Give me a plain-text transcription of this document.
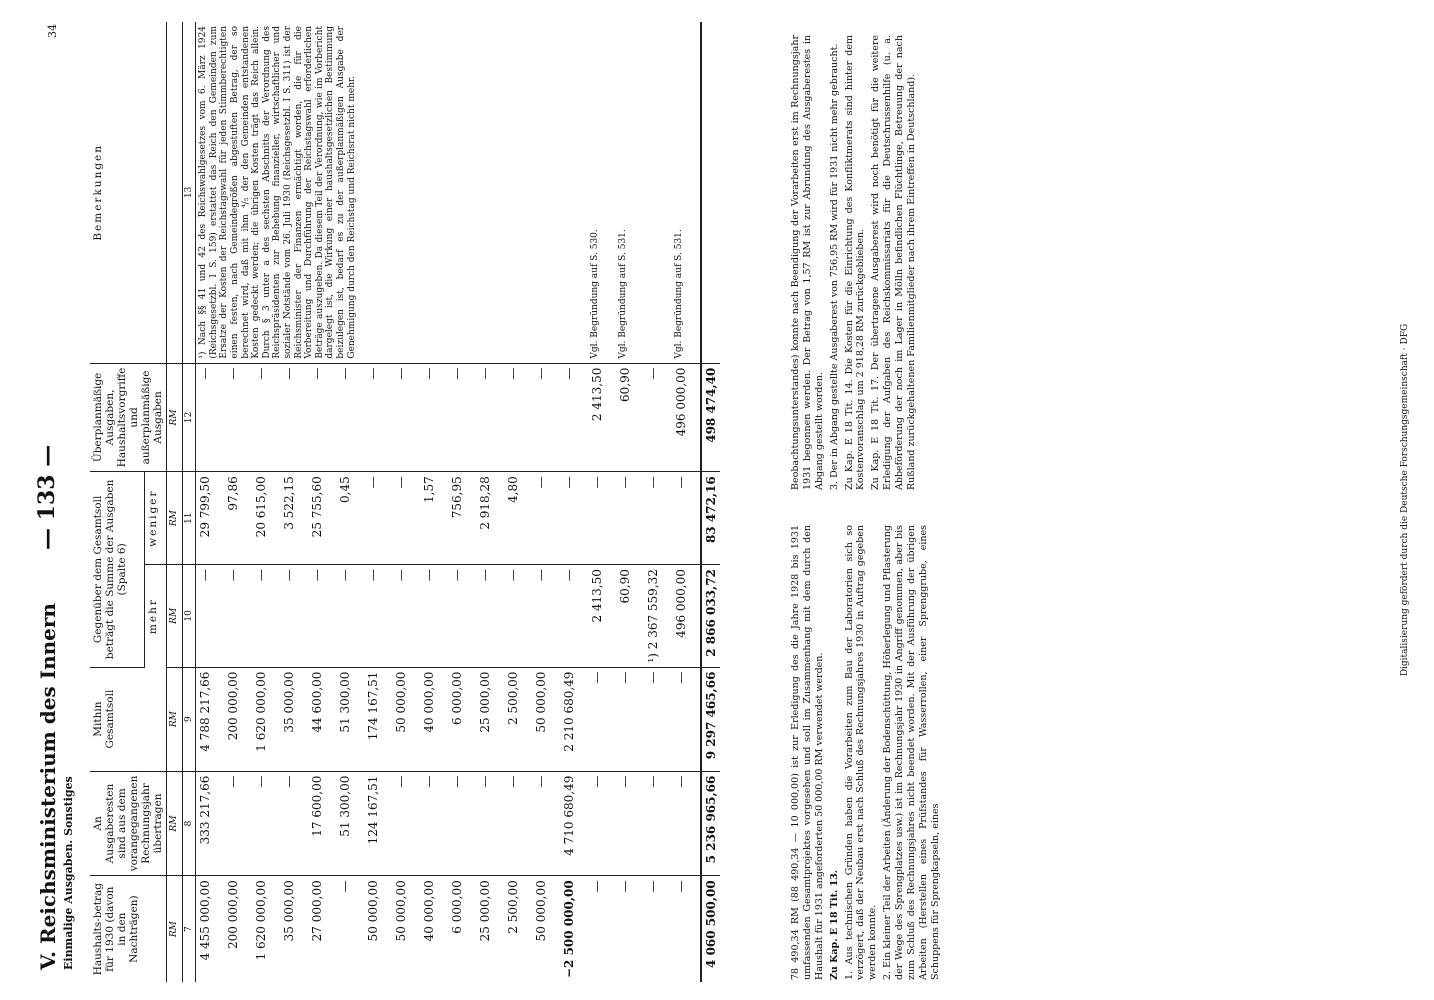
V. Reichsministerium des Innern Einmalige Ausgaben. Sonstiges
— 133 —
34
Haushalts-betrag für 1930 (davon in den Nachträgen)	An Ausgaberesten sind aus dem vorangegangenen Rechnungsjahr übertragen	Mithin Gesamtsoll	Gegenüber dem Gesamtsoll beträgt die Summe der Ausgaben (Spalte 6)		Überplanmäßige Ausgaben, Haushaltsvorgriffe und außerplanmäßige Ausgaben	Bemerkungen
			mehr	weniger		
RM	RM	RM	RM	RM	RM	
7	8	9	10	11	12	13
4 455 000,00	333 217,66	4 788 217,66	—	29 799,50	—	¹) Nach §§ 41 und 42 des Reichswahlgesetzes vom 6. März 1924 (Reichsgesetzbl. I S. 159) erstattet das Reich den Gemeinden zum Ersatze der Kosten der Reichstagswahl für jeden Stimmberechtigten einen festen, nach Gemeindegrößen abgestuften Betrag, der so berechnet wird, daß mit ihm ⁴/₅ der den Gemeinden entstandenen Kosten gedeckt werden; die übrigen Kosten trägt das Reich allein. Durch § 3 unter a des sechsten Abschnitts der Verordnung des Reichspräsidenten zur Behebung finanzieller, wirtschaftlicher und sozialer Notstände vom 26. Juli 1930 (Reichsgesetzbl. I S. 311) ist der Reichsminister der Finanzen ermächtigt worden, die für die Vorbereitung und Durchführung der Reichstagswahl erforderlichen Beträge auszugeben. Da diesem Teil der Verordnung, wie im Vorbericht dargelegt ist, die Wirkung einer haushaltsgesetzlichen Bestimmung beizulegen ist, bedarf es zu der außerplanmäßigen Ausgabe der Genehmigung durch den Reichstag und Reichsrat nicht mehr.
200 000,00	—	200 000,00	—	97,86	—	
1 620 000,00	—	1 620 000,00	—	20 615,00	—	
35 000,00	—	35 000,00	—	3 522,15	—	
27 000,00	17 600,00	44 600,00	—	25 755,60	—	
—	51 300,00	51 300,00	—	0,45	—	
50 000,00	124 167,51	174 167,51	—	—	—	
50 000,00	—	50 000,00	—	—	—	
40 000,00	—	40 000,00	—	1,57	—	
6 000,00	—	6 000,00	—	756,95	—	
25 000,00	—	25 000,00	—	2 918,28	—	
2 500,00	—	2 500,00	—	4,80	—	
50 000,00	—	50 000,00	—	—	—	
−2 500 000,00	4 710 680,49	2 210 680,49	—	—	—	
—	—	—	2 413,50	—	2 413,50	Vgl. Begründung auf S. 530.
—	—	—	60,90	—	60,90	Vgl. Begründung auf S. 531.
—	—	—	¹) 2 367 559,32	—	—	
—	—	—	496 000,00	—	496 000,00	Vgl. Begründung auf S. 531.
4 060 500,00	5 236 965,66	9 297 465,66	2 866 033,72	83 472,16	498 474,40	

78 490,34 RM (88 490,34 — 10 000,00) ist zur Erledigung des die Jahre 1928 bis 1931 umfassenden Gesamtprojektes vorgesehen und soll im Zusammenhang mit dem durch den Haushalt für 1931 angeforderten 50 000,00 RM verwendet werden. Zu Kap. E 18 Tit. 13. 1. Aus technischen Gründen haben die Vorarbeiten zum Bau der Laboratorien sich so verzögert, daß der Neubau erst nach Schluß des Rechnungsjahres 1930 in Auftrag gegeben werden konnte. 2. Ein kleiner Teil der Arbeiten (Änderung der Bodenschüttung, Höherlegung und Pflasterung der Wege des Sprengplatzes usw.) ist im Rechnungsjahr 1930 in Angriff genommen, aber bis zum Schluß des Rechnungsjahres nicht beendet worden. Mit der Ausführung der übrigen Arbeiten (Herstellen eines Prüfstandes für Wasserrollen, einer Sprenggrube, eines Schuppens für Sprengkapseln, eines

Beobachtungsunterstandes) konnte nach Beendigung der Vorarbeiten erst im Rechnungsjahr 1931 begonnen werden. Der Betrag von 1,57 RM ist zur Abrundung des Ausgaberestes in Abgang gestellt worden. 3. Der in Abgang gestellte Ausgaberest von 756,95 RM wird für 1931 nicht mehr gebraucht. Zu Kap. E 18 Tit. 14. Die Kosten für die Einrichtung des Konfliktmerats sind hinter dem Kostenvoranschlag um 2 918,28 RM zurückgeblieben. Zu Kap. E 18 Tit. 17. Der übertragene Ausgaberest wird noch benötigt für die weitere Erledigung der Aufgaben des Reichskommissariats für die Deutschrussenhilfe (u. a. Abbeförderung der noch im Lager in Mölln befindlichen Flüchtlinge, Betreuung der nach Rußland zurückgehaltenen Familienmitglieder nach ihrem Eintreffen in Deutschland).

Digitalisierung gefördert durch die Deutsche Forschungsgemeinschaft · DFG
